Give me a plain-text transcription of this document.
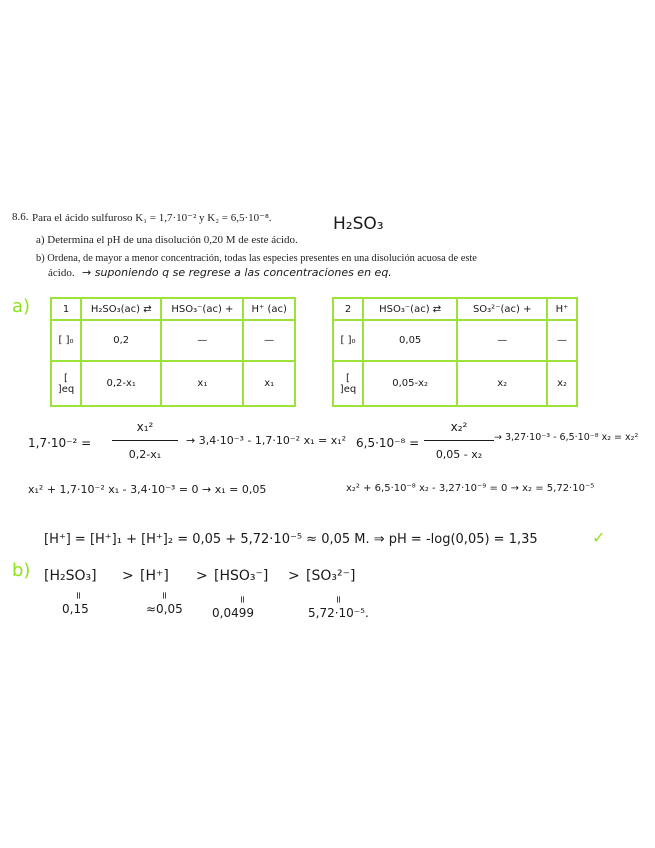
8.6. Para el ácido sulfuroso K₁ = 1,7·10⁻² y K₂ = 6,5·10⁻⁸.
a) Determina el pH de una disolución 0,20 M de este ácido.
b) Ordena, de mayor a menor concentración, todas las especies presentes en una disolución acuosa de este
ácido.
H₂SO₃
→ suponiendo q se regrese a las concentraciones en eq.
a)	1	H₂SO₃(ac) ⇄	HSO₃⁻(ac) +	H⁺ (ac)
[ ]₀	0,2	—	—
[ ]eq	0,2-x₁	x₁	x₁
2	HSO₃⁻(ac) ⇄	SO₃²⁻(ac) +	H⁺
[ ]₀	0,05	—	—
[ ]eq	0,05-x₂	x₂	x₂
1,7·10⁻² =
x₁²
0,2-x₁
→ 3,4·10⁻³ - 1,7·10⁻² x₁ = x₁²
x₁² + 1,7·10⁻² x₁ - 3,4·10⁻³ = 0 → x₁ = 0,05
6,5·10⁻⁸ =
x₂²
0,05 - x₂
→ 3,27·10⁻³ - 6,5·10⁻⁸ x₂ = x₂²
x₂² + 6,5·10⁻⁸ x₂ - 3,27·10⁻⁹ = 0 → x₂ = 5,72·10⁻⁵
[H⁺] = [H⁺]₁ + [H⁺]₂ = 0,05 + 5,72·10⁻⁵ ≈ 0,05 M. ⇒ pH = -log(0,05) = 1,35	✓
b) [H₂SO₃] > [H⁺] > [HSO₃⁻] > [SO₃²⁻]
=
0,15
=
≈0,05
=
0,0499
=
5,72·10⁻⁵.
